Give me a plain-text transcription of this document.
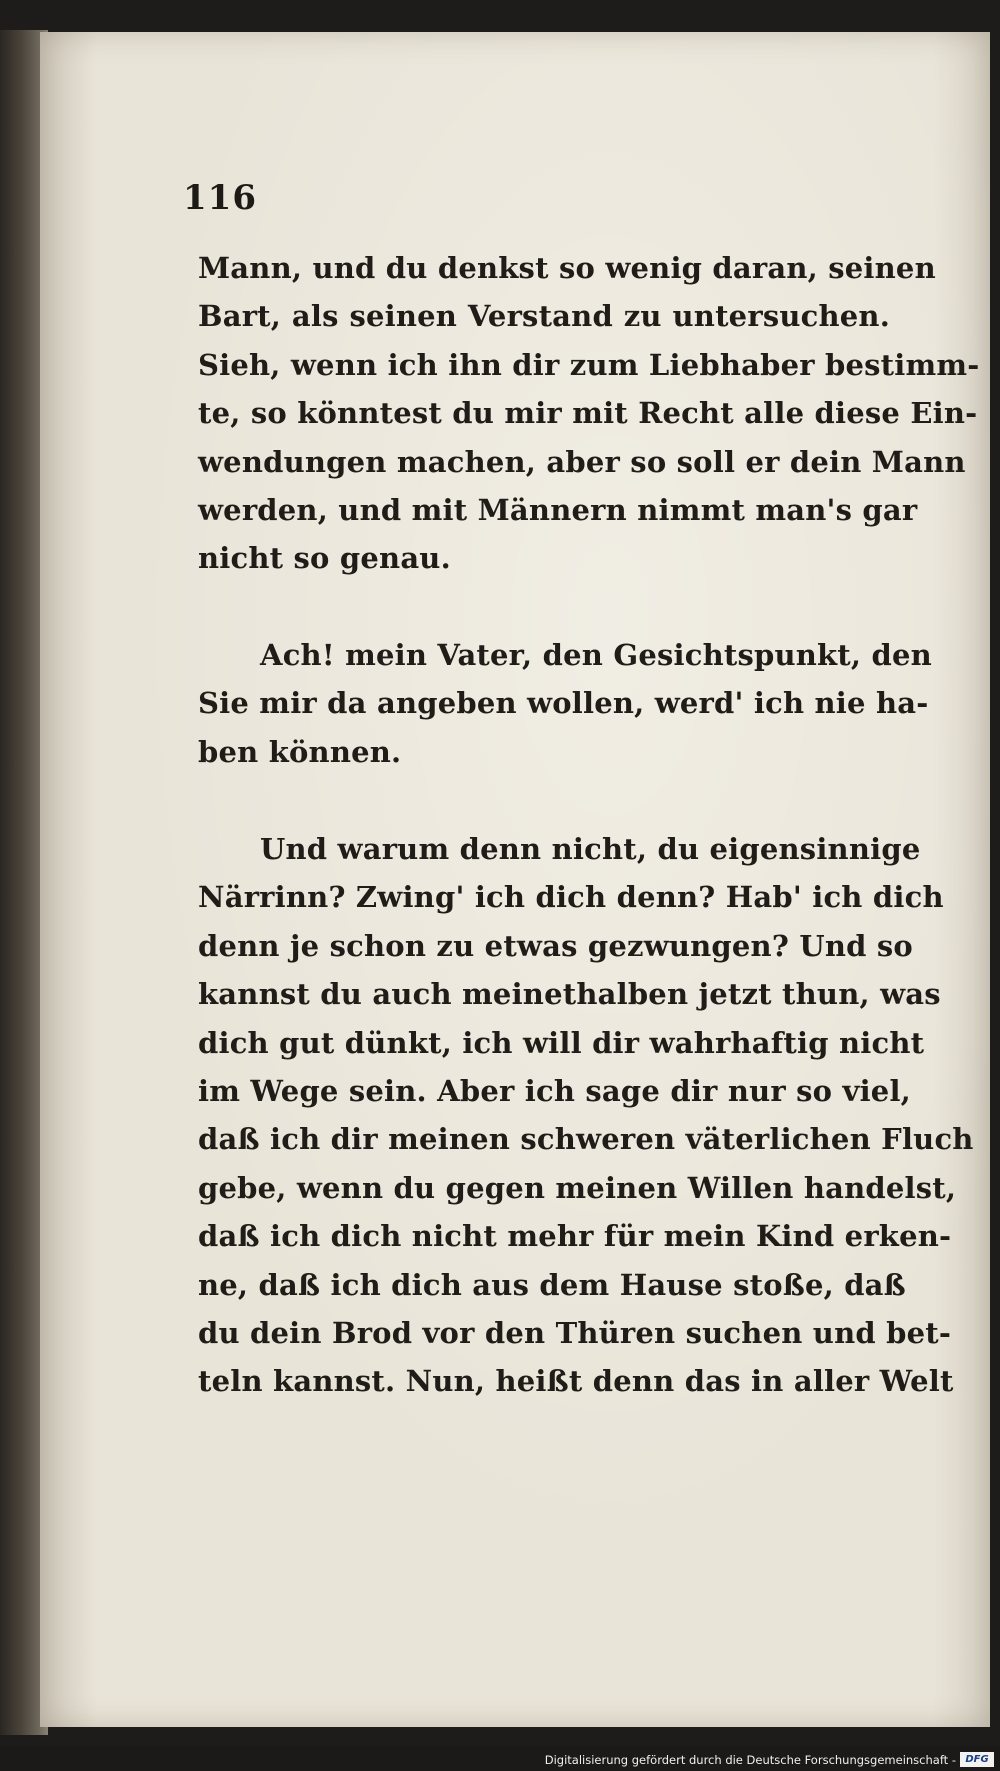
116
Mann, und du denkst so wenig daran, seinen
Bart, als seinen Verstand zu untersuchen.
Sieh, wenn ich ihn dir zum Liebhaber bestimm-
te, so könntest du mir mit Recht alle diese Ein-
wendungen machen, aber so soll er dein Mann
werden, und mit Männern nimmt man's gar
nicht so genau.
Ach! mein Vater, den Gesichtspunkt, den
Sie mir da angeben wollen, werd' ich nie ha-
ben können.
Und warum denn nicht, du eigensinnige
Närrinn? Zwing' ich dich denn? Hab' ich dich
denn je schon zu etwas gezwungen? Und so
kannst du auch meinethalben jetzt thun, was
dich gut dünkt, ich will dir wahrhaftig nicht
im Wege sein. Aber ich sage dir nur so viel,
daß ich dir meinen schweren väterlichen Fluch
gebe, wenn du gegen meinen Willen handelst,
daß ich dich nicht mehr für mein Kind erken-
ne, daß ich dich aus dem Hause stoße, daß
du dein Brod vor den Thüren suchen und bet-
teln kannst. Nun, heißt denn das in aller Welt
Digitalisierung gefördert durch die Deutsche Forschungsgemeinschaft - DFG
